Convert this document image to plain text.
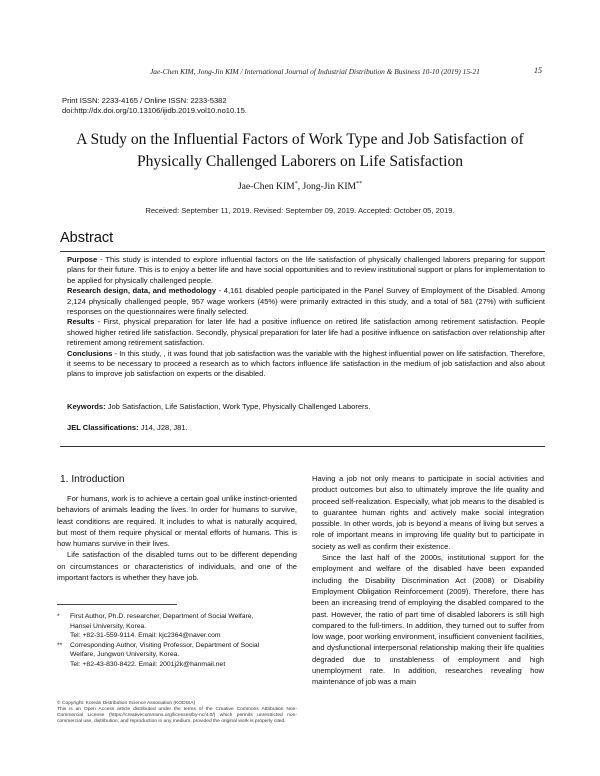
Jae-Chen KIM, Jong-Jin KIM / International Journal of Industrial Distribution & Business 10-10 (2019) 15-21	15
Print ISSN: 2233-4165 / Online ISSN: 2233-5382
doi:http://dx.doi.org/10.13106/ijidb.2019.vol10.no10.15.
A Study on the Influential Factors of Work Type and Job Satisfaction of
Physically Challenged Laborers on Life Satisfaction
Jae-Chen KIM*, Jong-Jin KIM**
Received: September 11, 2019. Revised: September 09, 2019. Accepted: October 05, 2019.
Abstract

Purpose - This study is intended to explore influential factors on the life satisfaction of physically challenged laborers preparing for support plans for their future. This is to enjoy a better life and have social opportunities and to review institutional support or plans for implementation to be applied for physically challenged people.

Research design, data, and methodology - 4,161 disabled people participated in the Panel Survey of Employment of the Disabled. Among 2,124 physically challenged people, 957 wage workers (45%) were primarily extracted in this study, and a total of 581 (27%) with sufficient responses on the questionnaires were finally selected.

Results - First, physical preparation for later life had a positive influence on retired life satisfaction among retirement satisfaction. People showed higher retired life satisfaction. Secondly, physical preparation for later life had a positive influence on satisfaction over relationship after retirement among retirement satisfaction.

Conclusions - In this study, , it was found that job satisfaction was the variable with the highest influential power on life satisfaction. Therefore, it seems to be necessary to proceed a research as to which factors influence life satisfaction in the medium of job satisfaction and also about plans to improve job satisfaction on experts or the disabled.

Keywords: Job Satisfaction, Life Satisfaction, Work Type, Physically Challenged Laborers.
JEL Classifications: J14, J28, J81.
1. Introduction

For humans, work is to achieve a certain goal unlike instinct-oriented behaviors of animals leading the lives. In order for humans to survive, least conditions are required. It includes to what is naturally acquired, but most of them require physical or mental efforts of humans. This is how humans survive in their lives.

Life satisfaction of the disabled turns out to be different depending on circumstances or characteristics of individuals, and one of the important factors is whether they have job.

* First Author, Ph.D. researcher, Department of Social Welfare,
Hansei University, Korea.
Tel: +82-31-559-9114. Email: kjc2364@naver.com
** Corresponding Author, Visiting Professor, Department of Social
Welfare, Jungwon University, Korea.
Tel: +82-43-830-8422. Email: 2001j2k@hanmail.net
© Copyright: Korean Distribution Science Association (KODISA)
This is an Open Access article distributed under the terms of the Creative Commons Attribution Non-Commercial License (https://creativecommons.org/licenses/by-nc/4.0/) which permits unrestricted non-commercial use, distribution, and reproduction in any medium, provided the original work is properly cited.

Having a job not only means to participate in social activities and product outcomes but also to ultimately improve the life quality and proceed self-realization. Especially, what job means to the disabled is to guarantee human rights and actively make social integration possible. In other words, job is beyond a means of living but serves a role of important means in improving life quality but to participate in society as well as confirm their existence.

Since the last half of the 2000s, institutional support for the employment and welfare of the disabled have been expanded including the Disability Discrimination Act (2008) or Disability Employment Obligation Reinforcement (2009). Therefore, there has been an increasing trend of employing the disabled compared to the past. However, the ratio of part time of disabled laborers is still high compared to the full-timers. In addition, they turned out to suffer from low wage, poor working environment, insufficient convenient facilities, and dysfunctional interpersonal relationship making their life qualities degraded due to unstableness of employment and high unemployment rate. In addition, researches revealing how maintenance of job was a main
